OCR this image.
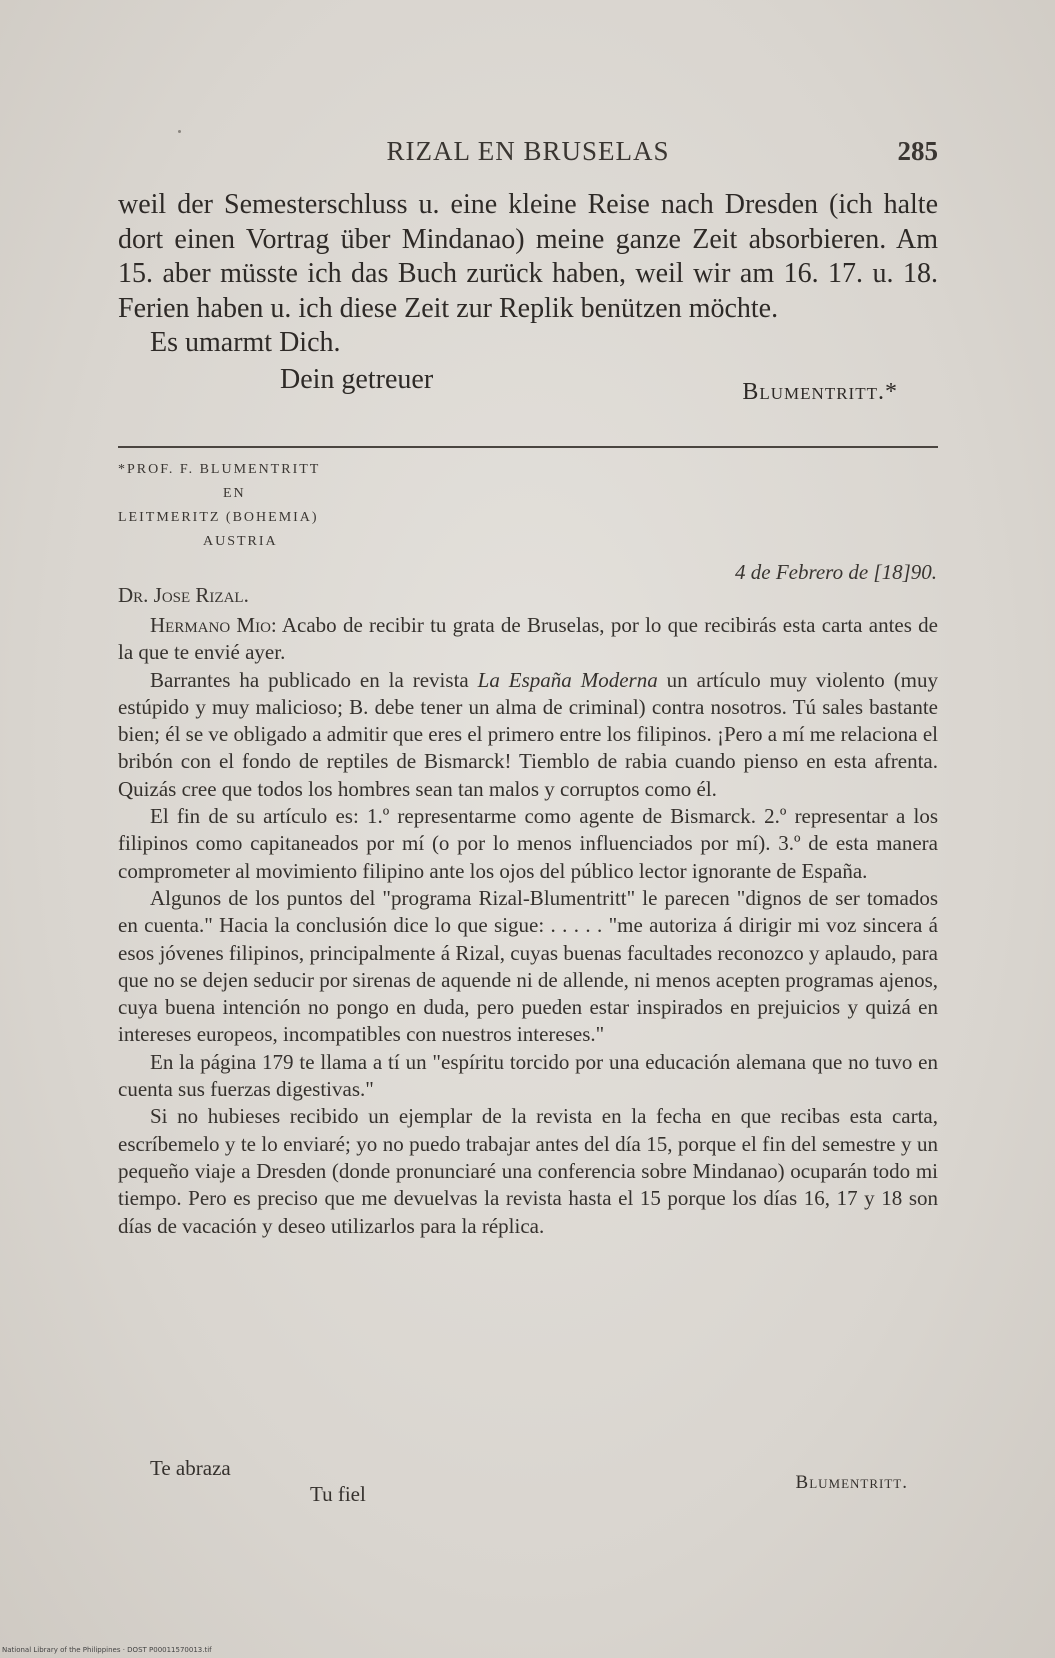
RIZAL EN BRUSELAS	285

weil der Semesterschluss u. eine kleine Reise nach Dresden (ich halte dort einen Vortrag über Mindanao) meine ganze Zeit absorbieren. Am 15. aber müsste ich das Buch zurück haben, weil wir am 16. 17. u. 18. Ferien haben u. ich diese Zeit zur Replik benützen möchte.

Es umarmt Dich.

Dein getreuer	Blumentritt.*
*PROF. F. BLUMENTRITT
EN
LEITMERITZ (BOHEMIA)
AUSTRIA
4 de Febrero de [18]90.
Dr. Jose Rizal.

Hermano Mio: Acabo de recibir tu grata de Bruselas, por lo que recibirás esta carta antes de la que te envié ayer.

Barrantes ha publicado en la revista La España Moderna un artículo muy violento (muy estúpido y muy malicioso; B. debe tener un alma de criminal) contra nosotros. Tú sales bastante bien; él se ve obligado a admitir que eres el primero entre los filipinos. ¡Pero a mí me relaciona el bribón con el fondo de reptiles de Bismarck! Tiemblo de rabia cuando pienso en esta afrenta. Quizás cree que todos los hombres sean tan malos y corruptos como él.

El fin de su artículo es: 1.º representarme como agente de Bismarck. 2.º representar a los filipinos como capitaneados por mí (o por lo menos influenciados por mí). 3.º de esta manera comprometer al movimiento filipino ante los ojos del público lector ignorante de España.

Algunos de los puntos del "programa Rizal-Blumentritt" le parecen "dignos de ser tomados en cuenta." Hacia la conclusión dice lo que sigue: . . . . . "me autoriza á dirigir mi voz sincera á esos jóvenes filipinos, principalmente á Rizal, cuyas buenas facultades reconozco y aplaudo, para que no se dejen seducir por sirenas de aquende ni de allende, ni menos acepten programas ajenos, cuya buena intención no pongo en duda, pero pueden estar inspirados en prejuicios y quizá en intereses europeos, incompatibles con nuestros intereses."

En la página 179 te llama a tí un "espíritu torcido por una educación alemana que no tuvo en cuenta sus fuerzas digestivas."

Si no hubieses recibido un ejemplar de la revista en la fecha en que recibas esta carta, escríbemelo y te lo enviaré; yo no puedo trabajar antes del día 15, porque el fin del semestre y un pequeño viaje a Dresden (donde pronunciaré una conferencia sobre Mindanao) ocuparán todo mi tiempo. Pero es preciso que me devuelvas la revista hasta el 15 porque los días 16, 17 y 18 son días de vacación y deseo utilizarlos para la réplica.

Te abraza
Tu fiel	Blumentritt.
National Library of the Philippines · DOST P00011570013.tif
